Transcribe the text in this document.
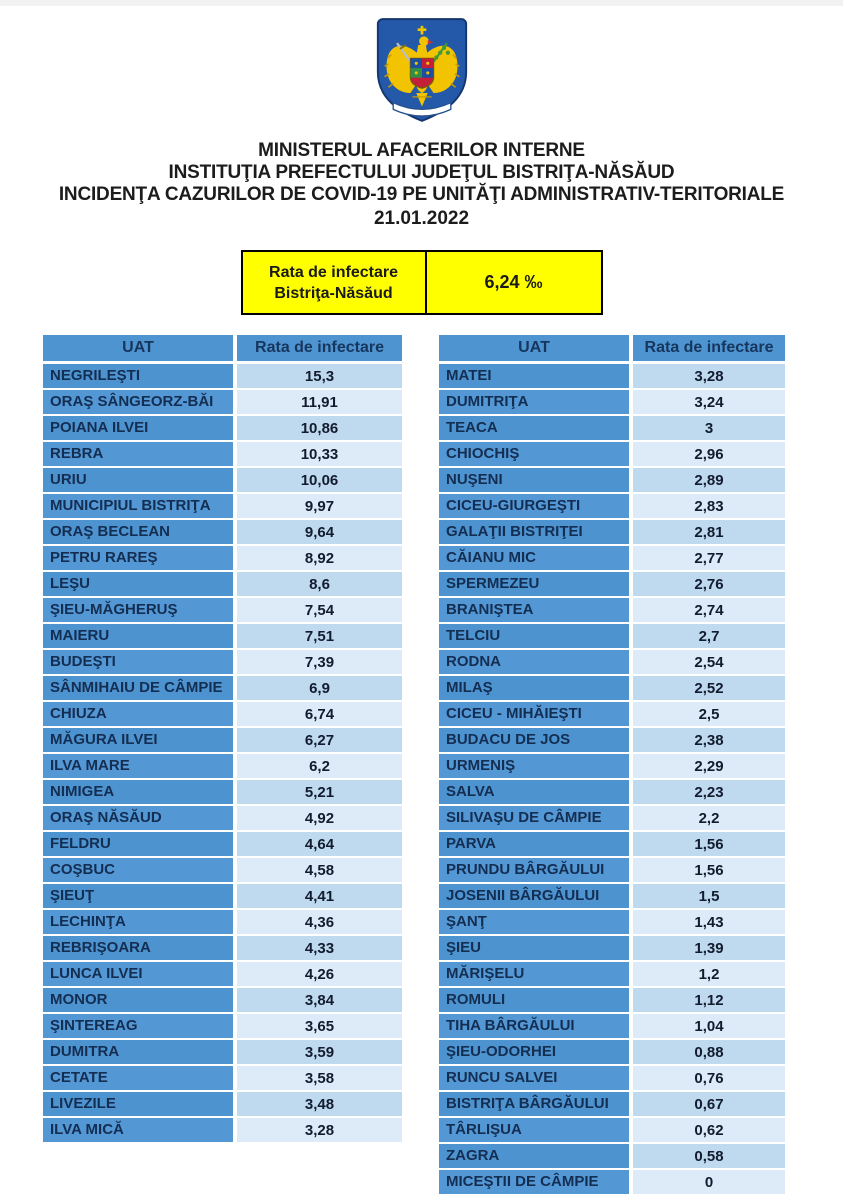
MINISTERUL AFACERILOR INTERNE
INSTITUŢIA PREFECTULUI JUDEŢUL BISTRIŢA-NĂSĂUD
INCIDENŢA CAZURILOR DE COVID-19 PE UNITĂŢI ADMINISTRATIV-TERITORIALE
21.01.2022
Rata de infectare
Bistriţa-Năsăud
6,24 ‰
UAT	Rata de infectare
NEGRILEŞTI	15,3
ORAŞ SÂNGEORZ-BĂI	11,91
POIANA ILVEI	10,86
REBRA	10,33
URIU	10,06
MUNICIPIUL BISTRIŢA	9,97
ORAŞ BECLEAN	9,64
PETRU RAREŞ	8,92
LEŞU	8,6
ŞIEU-MĂGHERUŞ	7,54
MAIERU	7,51
BUDEŞTI	7,39
SÂNMIHAIU DE CÂMPIE	6,9
CHIUZA	6,74
MĂGURA ILVEI	6,27
ILVA MARE	6,2
NIMIGEA	5,21
ORAŞ NĂSĂUD	4,92
FELDRU	4,64
COŞBUC	4,58
ŞIEUŢ	4,41
LECHINŢA	4,36
REBRIŞOARA	4,33
LUNCA ILVEI	4,26
MONOR	3,84
ŞINTEREAG	3,65
DUMITRA	3,59
CETATE	3,58
LIVEZILE	3,48
ILVA MICĂ	3,28
UAT	Rata de infectare
MATEI	3,28
DUMITRIŢA	3,24
TEACA	3
CHIOCHIŞ	2,96
NUŞENI	2,89
CICEU-GIURGEŞTI	2,83
GALAŢII BISTRIŢEI	2,81
CĂIANU MIC	2,77
SPERMEZEU	2,76
BRANIŞTEA	2,74
TELCIU	2,7
RODNA	2,54
MILAŞ	2,52
CICEU - MIHĂIEŞTI	2,5
BUDACU DE JOS	2,38
URMENIŞ	2,29
SALVA	2,23
SILIVAŞU DE CÂMPIE	2,2
PARVA	1,56
PRUNDU BÂRGĂULUI	1,56
JOSENII BÂRGĂULUI	1,5
ŞANŢ	1,43
ŞIEU	1,39
MĂRIŞELU	1,2
ROMULI	1,12
TIHA BÂRGĂULUI	1,04
ŞIEU-ODORHEI	0,88
RUNCU SALVEI	0,76
BISTRIŢA BÂRGĂULUI	0,67
TÂRLIŞUA	0,62
ZAGRA	0,58
MICEŞTII DE CÂMPIE	0
